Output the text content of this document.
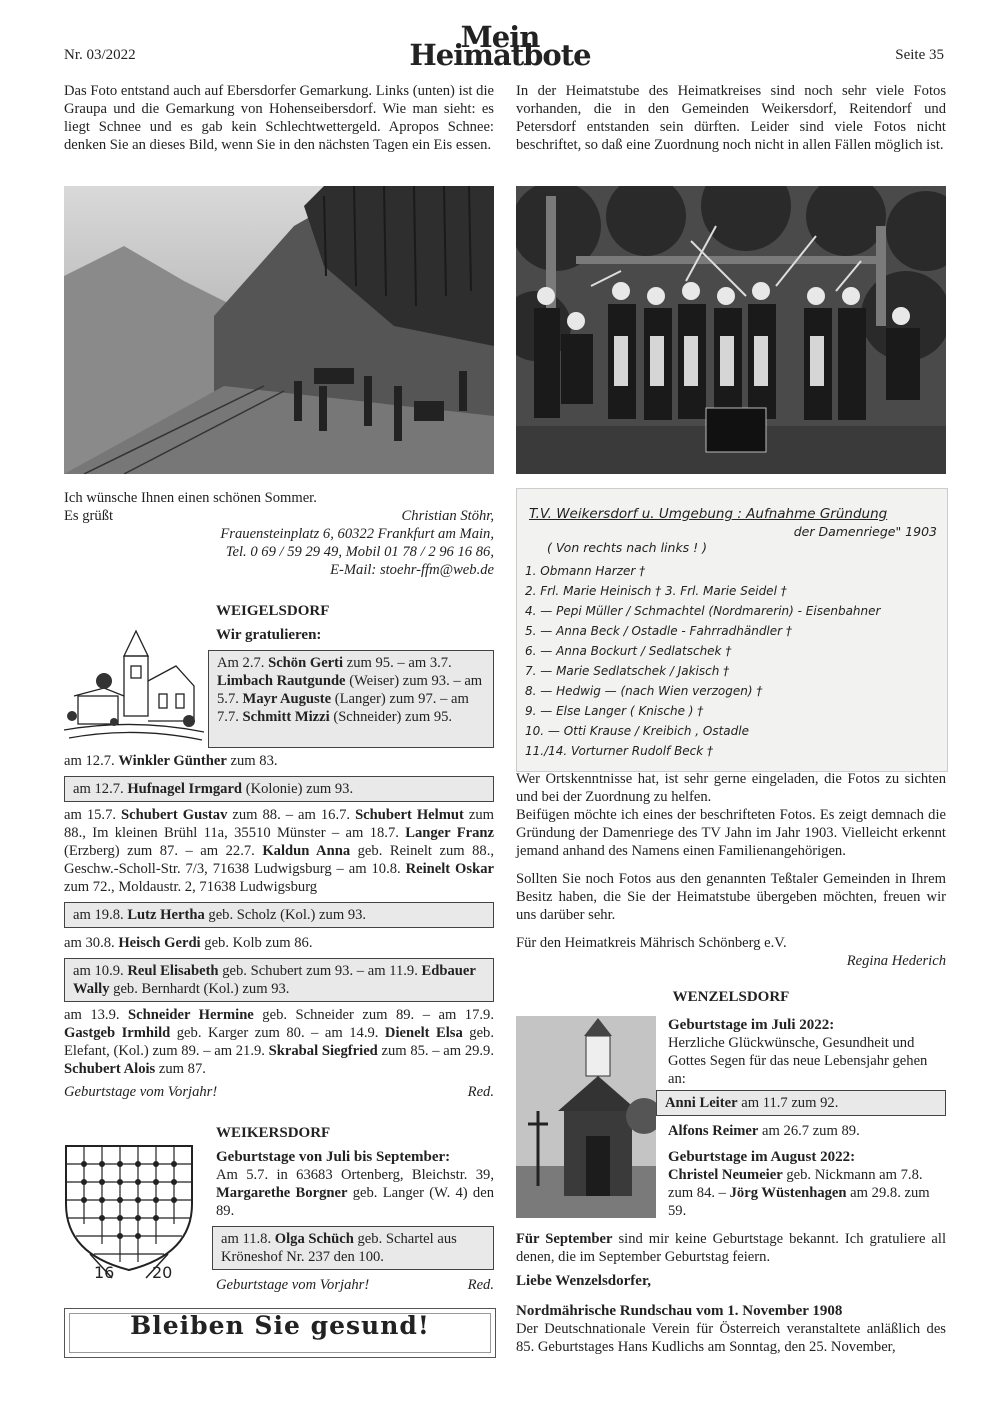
Nr. 03/2022
Mein Heimatbote	Seite 35

Das Foto entstand auch auf Ebersdorfer Gemarkung. Links (unten) ist die Graupa und die Gemarkung von Hohenseibersdorf. Wie man sieht: es liegt Schnee und es gab kein Schlechtwettergeld. Apropos Schnee: denken Sie an dieses Bild, wenn Sie in den nächsten Tagen ein Eis essen.

Ich wünsche Ihnen einen schönen Sommer.

Es grüßt	Christian Stöhr,

Frauensteinplatz 6, 60322 Frankfurt am Main,

Tel. 0 69 / 59 29 49, Mobil 01 78 / 2 96 16 86,

E-Mail: stoehr-ffm@web.de

WEIGELSDORF

Wir gratulieren:

Am 2.7. Schön Gerti zum 95. – am 3.7. Limbach Rautgunde (Weiser) zum 93. – am 5.7. Mayr Auguste (Langer) zum 97. – am 7.7. Schmitt Mizzi (Schneider) zum 95.

am 12.7. Winkler Günther zum 83.

am 12.7. Hufnagel Irmgard (Kolonie) zum 93.

am 15.7. Schubert Gustav zum 88. – am 16.7. Schubert Helmut zum 88., Im kleinen Brühl 11a, 35510 Münster – am 18.7. Langer Franz (Erzberg) zum 87. – am 22.7. Kaldun Anna geb. Reinelt zum 88., Geschw.-Scholl-Str. 7/3, 71638 Ludwigsburg – am 10.8. Reinelt Oskar zum 72., Moldaustr. 2, 71638 Ludwigsburg

am 19.8. Lutz Hertha geb. Scholz (Kol.) zum 93.

am 30.8. Heisch Gerdi geb. Kolb zum 86.

am 10.9. Reul Elisabeth geb. Schubert zum 93. – am 11.9. Edbauer Wally geb. Bernhardt (Kol.) zum 93.

am 13.9. Schneider Hermine geb. Schneider zum 89. – am 17.9. Gastgeb Irmhild geb. Karger zum 80. – am 14.9. Dienelt Elsa geb. Elefant, (Kol.) zum 89. – am 21.9. Skrabal Siegfried zum 85. – am 29.9. Schubert Alois zum 87.

Geburtstage vom Vorjahr!	Red.

16 20

WEIKERSDORF

Geburtstage von Juli bis September:

Am 5.7. in 63683 Ortenberg, Bleichstr. 39, Margarethe Borgner geb. Langer (W. 4) den 89.

am 11.8. Olga Schüch geb. Schartel aus Kröneshof Nr. 237 den 100.

Geburtstage vom Vorjahr!	Red.

Bleiben Sie gesund!

In der Heimatstube des Heimatkreises sind noch sehr viele Fotos vorhanden, die in den Gemeinden Weikersdorf, Reitendorf und Petersdorf entstanden sein dürften. Leider sind viele Fotos nicht beschriftet, so daß eine Zuordnung noch nicht in allen Fällen möglich ist.

T.V. Weikersdorf u. Umgebung : Aufnahme Gründung
der Damenriege" 1903
( Von rechts nach links ! )
1. Obmann Harzer †
2. Frl. Marie Heinisch † 3. Frl. Marie Seidel †
4. — Pepi Müller / Schmachtel (Nordmarerin) - Eisenbahner
5. — Anna Beck / Ostadle - Fahrradhändler †
6. — Anna Bockurt / Sedlatschek †
7. — Marie Sedlatschek / Jakisch †
8. — Hedwig — (nach Wien verzogen) †
9. — Else Langer ( Knische ) †
10. — Otti Krause / Kreibich , Ostadle
11./14. Vorturner Rudolf Beck †

Wer Ortskenntnisse hat, ist sehr gerne eingeladen, die Fotos zu sichten und bei der Zuordnung zu helfen.

Beifügen möchte ich eines der beschrifteten Fotos. Es zeigt demnach die Gründung der Damenriege des TV Jahn im Jahr 1903. Vielleicht erkennt jemand anhand des Namens einen Familienangehörigen.

Sollten Sie noch Fotos aus den genannten Teßtaler Gemeinden in Ihrem Besitz haben, die Sie der Heimatstube übergeben möchten, freuen wir uns darüber sehr.

Für den Heimatkreis Mährisch Schönberg e.V.

Regina Hederich

WENZELSDORF

Geburtstage im Juli 2022:

Herzliche Glückwünsche, Gesundheit und Gottes Segen für das neue Lebensjahr gehen an:

Anni Leiter am 11.7 zum 92.

Alfons Reimer am 26.7 zum 89.

Geburtstage im August 2022:

Christel Neumeier geb. Nickmann am 7.8. zum 84. – Jörg Wüstenhagen am 29.8. zum 59.

Für September sind mir keine Geburtstage bekannt. Ich gratuliere all denen, die im September Geburtstag feiern.

Liebe Wenzelsdorfer,

Nordmährische Rundschau vom 1. November 1908

Der Deutschnationale Verein für Österreich veranstaltete anläßlich des 85. Geburtstages Hans Kudlichs am Sonntag, den 25. November,
